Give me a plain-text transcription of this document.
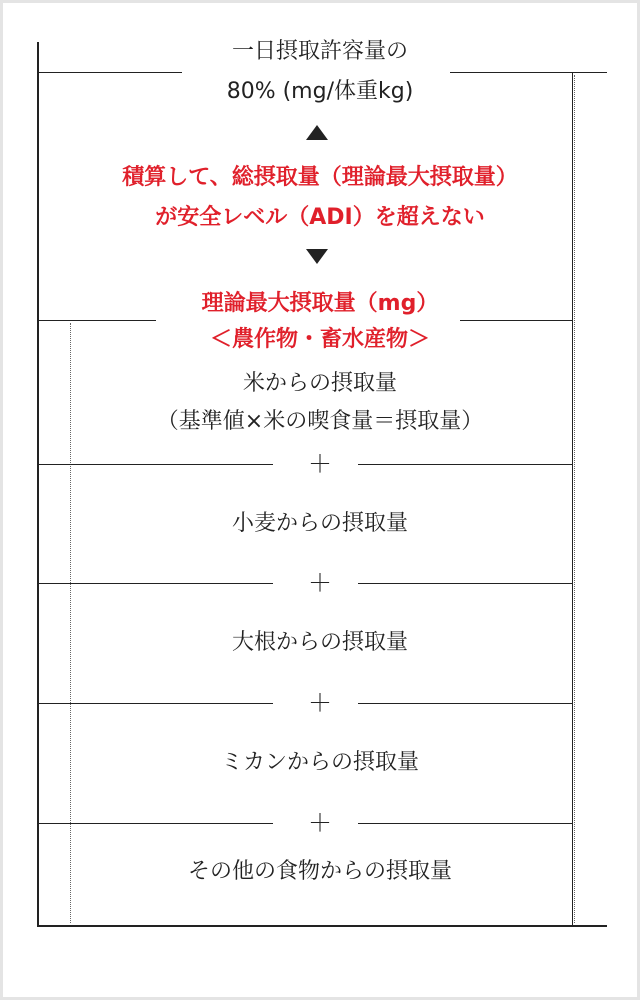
一日摂取許容量の
80% (mg/体重kg)
積算して、総摂取量（理論最大摂取量）
が安全レベル（ADI）を超えない
理論最大摂取量（mg）
＜農作物・畜水産物＞
米からの摂取量
（基準値×米の喫食量＝摂取量）
＋
小麦からの摂取量
＋
大根からの摂取量
＋
ミカンからの摂取量
＋
その他の食物からの摂取量
